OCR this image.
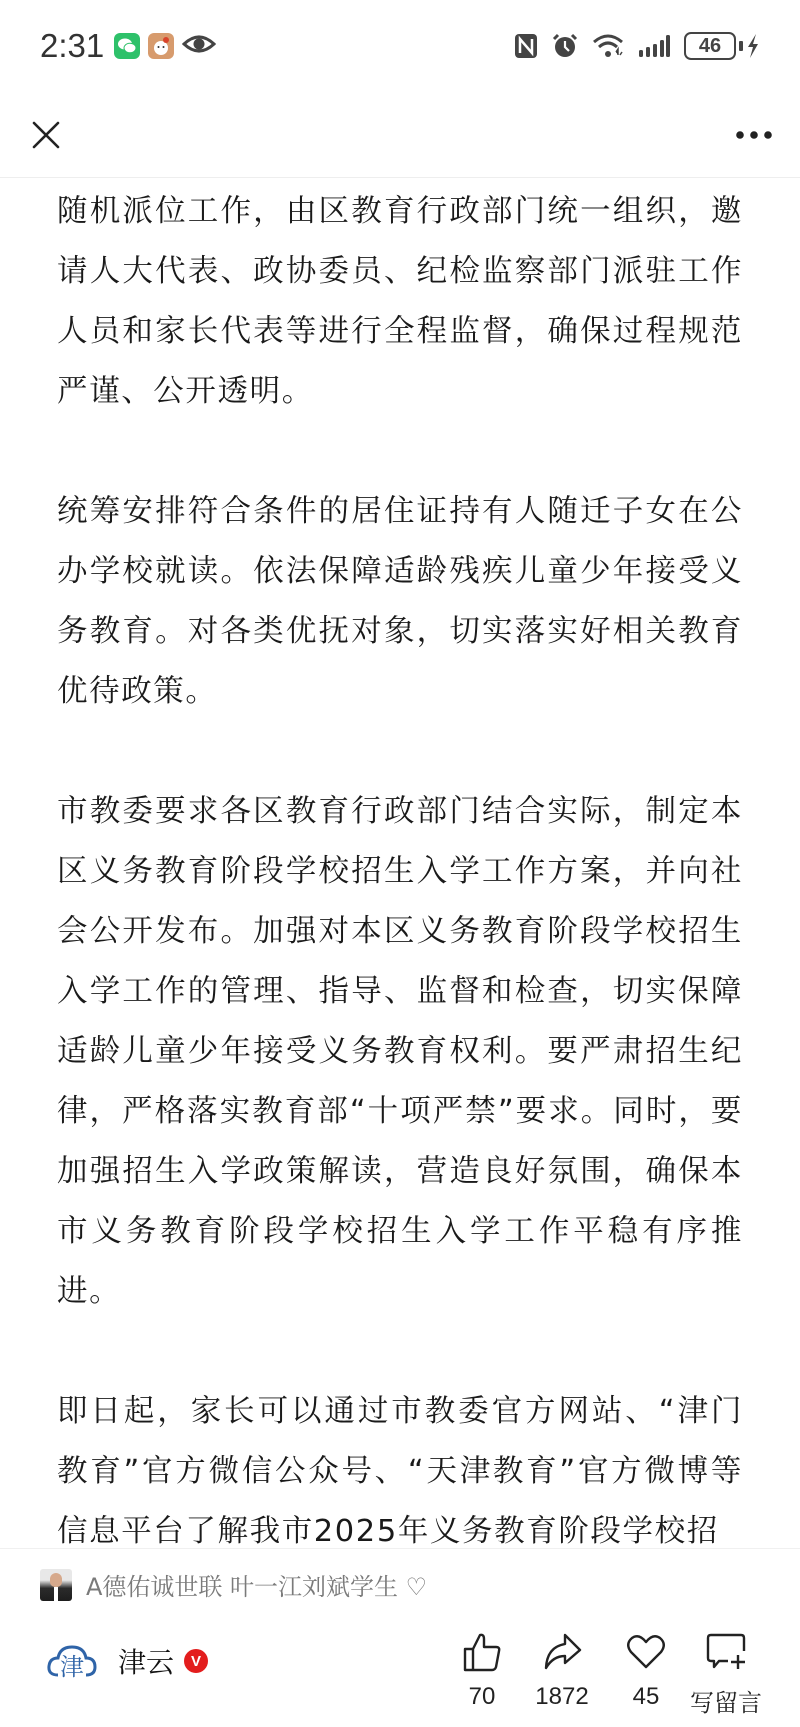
2:31	46

随机派位工作，由区教育行政部门统一组织，邀请人大代表、政协委员、纪检监察部门派驻工作人员和家长代表等进行全程监督，确保过程规范严谨、公开透明。

统筹安排符合条件的居住证持有人随迁子女在公办学校就读。依法保障适龄残疾儿童少年接受义务教育。对各类优抚对象，切实落实好相关教育优待政策。

市教委要求各区教育行政部门结合实际，制定本区义务教育阶段学校招生入学工作方案，并向社会公开发布。加强对本区义务教育阶段学校招生入学工作的管理、指导、监督和检查，切实保障适龄儿童少年接受义务教育权利。要严肃招生纪律，严格落实教育部“十项严禁”要求。同时，要加强招生入学政策解读，营造良好氛围，确保本市义务教育阶段学校招生入学工作平稳有序推进。

即日起，家长可以通过市教委官方网站、“津门教育”官方微信公众号、“天津教育”官方微博等信息平台了解我市2025年义务教育阶段学校招

A德佑诚世联 叶一江刘斌学生 ♡
津 津云	V
70 1872 45 写留言
